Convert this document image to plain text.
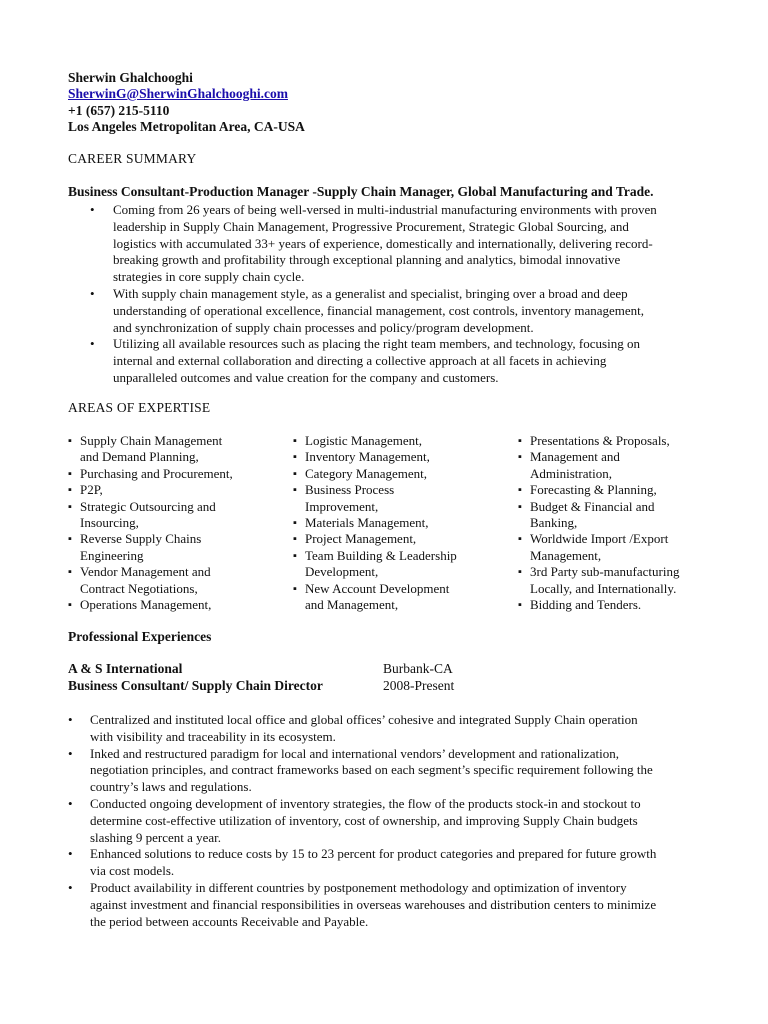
Sherwin Ghalchooghi
SherwinG@SherwinGhalchooghi.com
+1 (657) 215-5110
Los Angeles Metropolitan Area, CA-USA
CAREER SUMMARY
Business Consultant-Production Manager -Supply Chain Manager, Global Manufacturing and Trade.
• Coming from 26 years of being well-versed in multi-industrial manufacturing environments with proven
leadership in Supply Chain Management, Progressive Procurement, Strategic Global Sourcing, and
logistics with accumulated 33+ years of experience, domestically and internationally, delivering record-
breaking growth and profitability through exceptional planning and analytics, bimodal innovative
strategies in core supply chain cycle.
• With supply chain management style, as a generalist and specialist, bringing over a broad and deep
understanding of operational excellence, financial management, cost controls, inventory management,
and synchronization of supply chain processes and policy/program development.
• Utilizing all available resources such as placing the right team members, and technology, focusing on
internal and external collaboration and directing a collective approach at all facets in achieving
unparalleled outcomes and value creation for the company and customers.
AREAS OF EXPERTISE
▪ Supply Chain Management
and Demand Planning,
▪ Purchasing and Procurement,
▪ P2P,
▪ Strategic Outsourcing and
Insourcing,
▪ Reverse Supply Chains
Engineering
▪ Vendor Management and
Contract Negotiations,
▪ Operations Management,
▪ Logistic Management,
▪ Inventory Management,
▪ Category Management,
▪ Business Process
Improvement,
▪ Materials Management,
▪ Project Management,
▪ Team Building & Leadership
Development,
▪ New Account Development
and Management,
▪ Presentations & Proposals,
▪ Management and
Administration,
▪ Forecasting & Planning,
▪ Budget & Financial and
Banking,
▪ Worldwide Import /Export
Management,
▪ 3rd Party sub-manufacturing
Locally, and Internationally.
▪ Bidding and Tenders.
Professional Experiences
A & S International	Burbank-CA
Business Consultant/ Supply Chain Director	2008-Present
• Centralized and instituted local office and global offices’ cohesive and integrated Supply Chain operation
with visibility and traceability in its ecosystem.
• Inked and restructured paradigm for local and international vendors’ development and rationalization,
negotiation principles, and contract frameworks based on each segment’s specific requirement following the
country’s laws and regulations.
• Conducted ongoing development of inventory strategies, the flow of the products stock-in and stockout to
determine cost-effective utilization of inventory, cost of ownership, and improving Supply Chain budgets
slashing 9 percent a year.
• Enhanced solutions to reduce costs by 15 to 23 percent for product categories and prepared for future growth
via cost models.
• Product availability in different countries by postponement methodology and optimization of inventory
against investment and financial responsibilities in overseas warehouses and distribution centers to minimize
the period between accounts Receivable and Payable.
